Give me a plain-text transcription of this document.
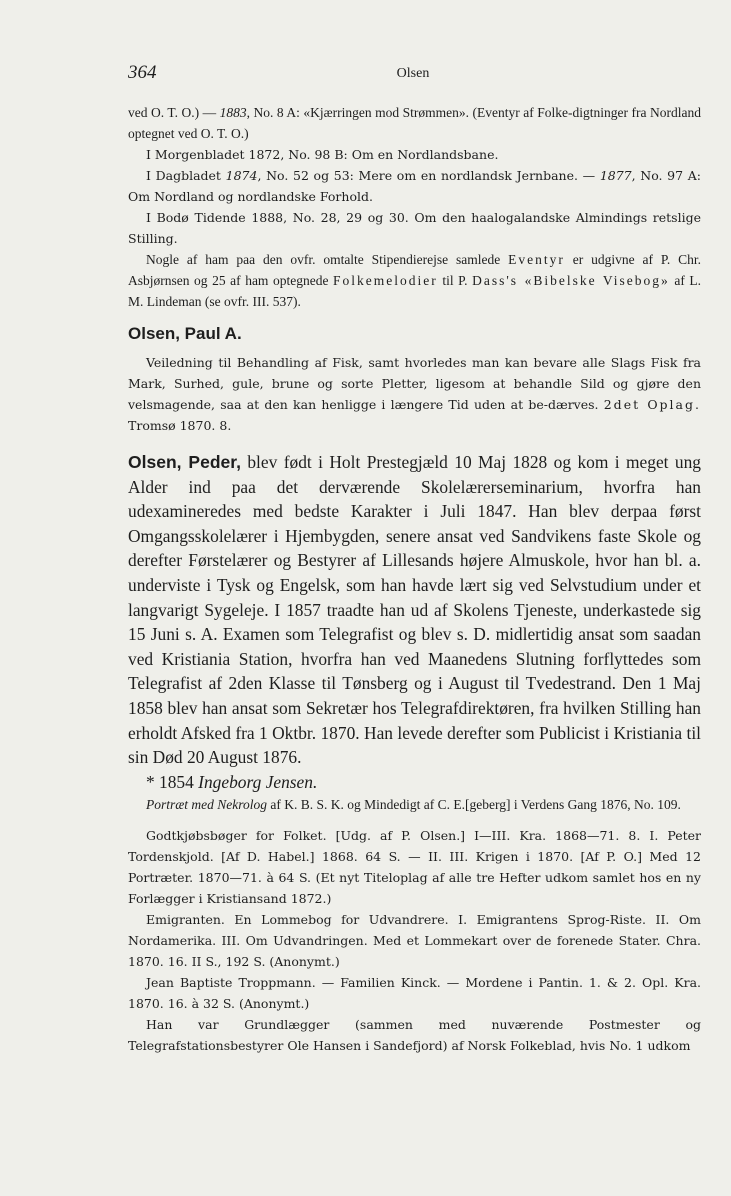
364	Olsen

ved O. T. O.) — 1883, No. 8 A: «Kjærringen mod Strømmen». (Eventyr af Folke-digtninger fra Nordland optegnet ved O. T. O.)

I Morgenbladet 1872, No. 98 B: Om en Nordlandsbane.

I Dagbladet 1874, No. 52 og 53: Mere om en nordlandsk Jernbane. — 1877, No. 97 A: Om Nordland og nordlandske Forhold.

I Bodø Tidende 1888, No. 28, 29 og 30. Om den haalogalandske Almindings retslige Stilling.

Nogle af ham paa den ovfr. omtalte Stipendierejse samlede Eventyr er udgivne af P. Chr. Asbjørnsen og 25 af ham optegnede Folkemelodier til P. Dass's «Bibelske Visebog» af L. M. Lindeman (se ovfr. III. 537).

Olsen, Paul A.

Veiledning til Behandling af Fisk, samt hvorledes man kan bevare alle Slags Fisk fra Mark, Surhed, gule, brune og sorte Pletter, ligesom at behandle Sild og gjøre den velsmagende, saa at den kan henligge i længere Tid uden at be-dærves. 2det Oplag. Tromsø 1870. 8.

Olsen, Peder, blev født i Holt Prestegjæld 10 Maj 1828 og kom i meget ung Alder ind paa det derværende Skolelærerseminarium, hvorfra han udexamineredes med bedste Karakter i Juli 1847. Han blev derpaa først Omgangsskolelærer i Hjembygden, senere ansat ved Sandvikens faste Skole og derefter Førstelærer og Bestyrer af Lillesands højere Almuskole, hvor han bl. a. underviste i Tysk og Engelsk, som han havde lært sig ved Selvstudium under et langvarigt Sygeleje. I 1857 traadte han ud af Skolens Tjeneste, underkastede sig 15 Juni s. A. Examen som Telegrafist og blev s. D. midlertidig ansat som saadan ved Kristiania Station, hvorfra han ved Maanedens Slutning forflyttedes som Telegrafist af 2den Klasse til Tønsberg og i August til Tvedestrand. Den 1 Maj 1858 blev han ansat som Sekretær hos Telegrafdirektøren, fra hvilken Stilling han erholdt Afsked fra 1 Oktbr. 1870. Han levede derefter som Publicist i Kristiania til sin Død 20 August 1876.

* 1854 Ingeborg Jensen.

Portræt med Nekrolog af K. B. S. K. og Mindedigt af C. E.[geberg] i Verdens Gang 1876, No. 109.

Godtkjøbsbøger for Folket. [Udg. af P. Olsen.] I—III. Kra. 1868—71. 8. I. Peter Tordenskjold. [Af D. Habel.] 1868. 64 S. — II. III. Krigen i 1870. [Af P. O.] Med 12 Portræter. 1870—71. à 64 S. (Et nyt Titeloplag af alle tre Hefter udkom samlet hos en ny Forlægger i Kristiansand 1872.)

Emigranten. En Lommebog for Udvandrere. I. Emigrantens Sprog-Riste. II. Om Nordamerika. III. Om Udvandringen. Med et Lommekart over de forenede Stater. Chra. 1870. 16. II S., 192 S. (Anonymt.)

Jean Baptiste Troppmann. — Familien Kinck. — Mordene i Pantin. 1. & 2. Opl. Kra. 1870. 16. à 32 S. (Anonymt.)

Han var Grundlægger (sammen med nuværende Postmester og Telegrafstationsbestyrer Ole Hansen i Sandefjord) af Norsk Folkeblad, hvis No. 1 udkom
